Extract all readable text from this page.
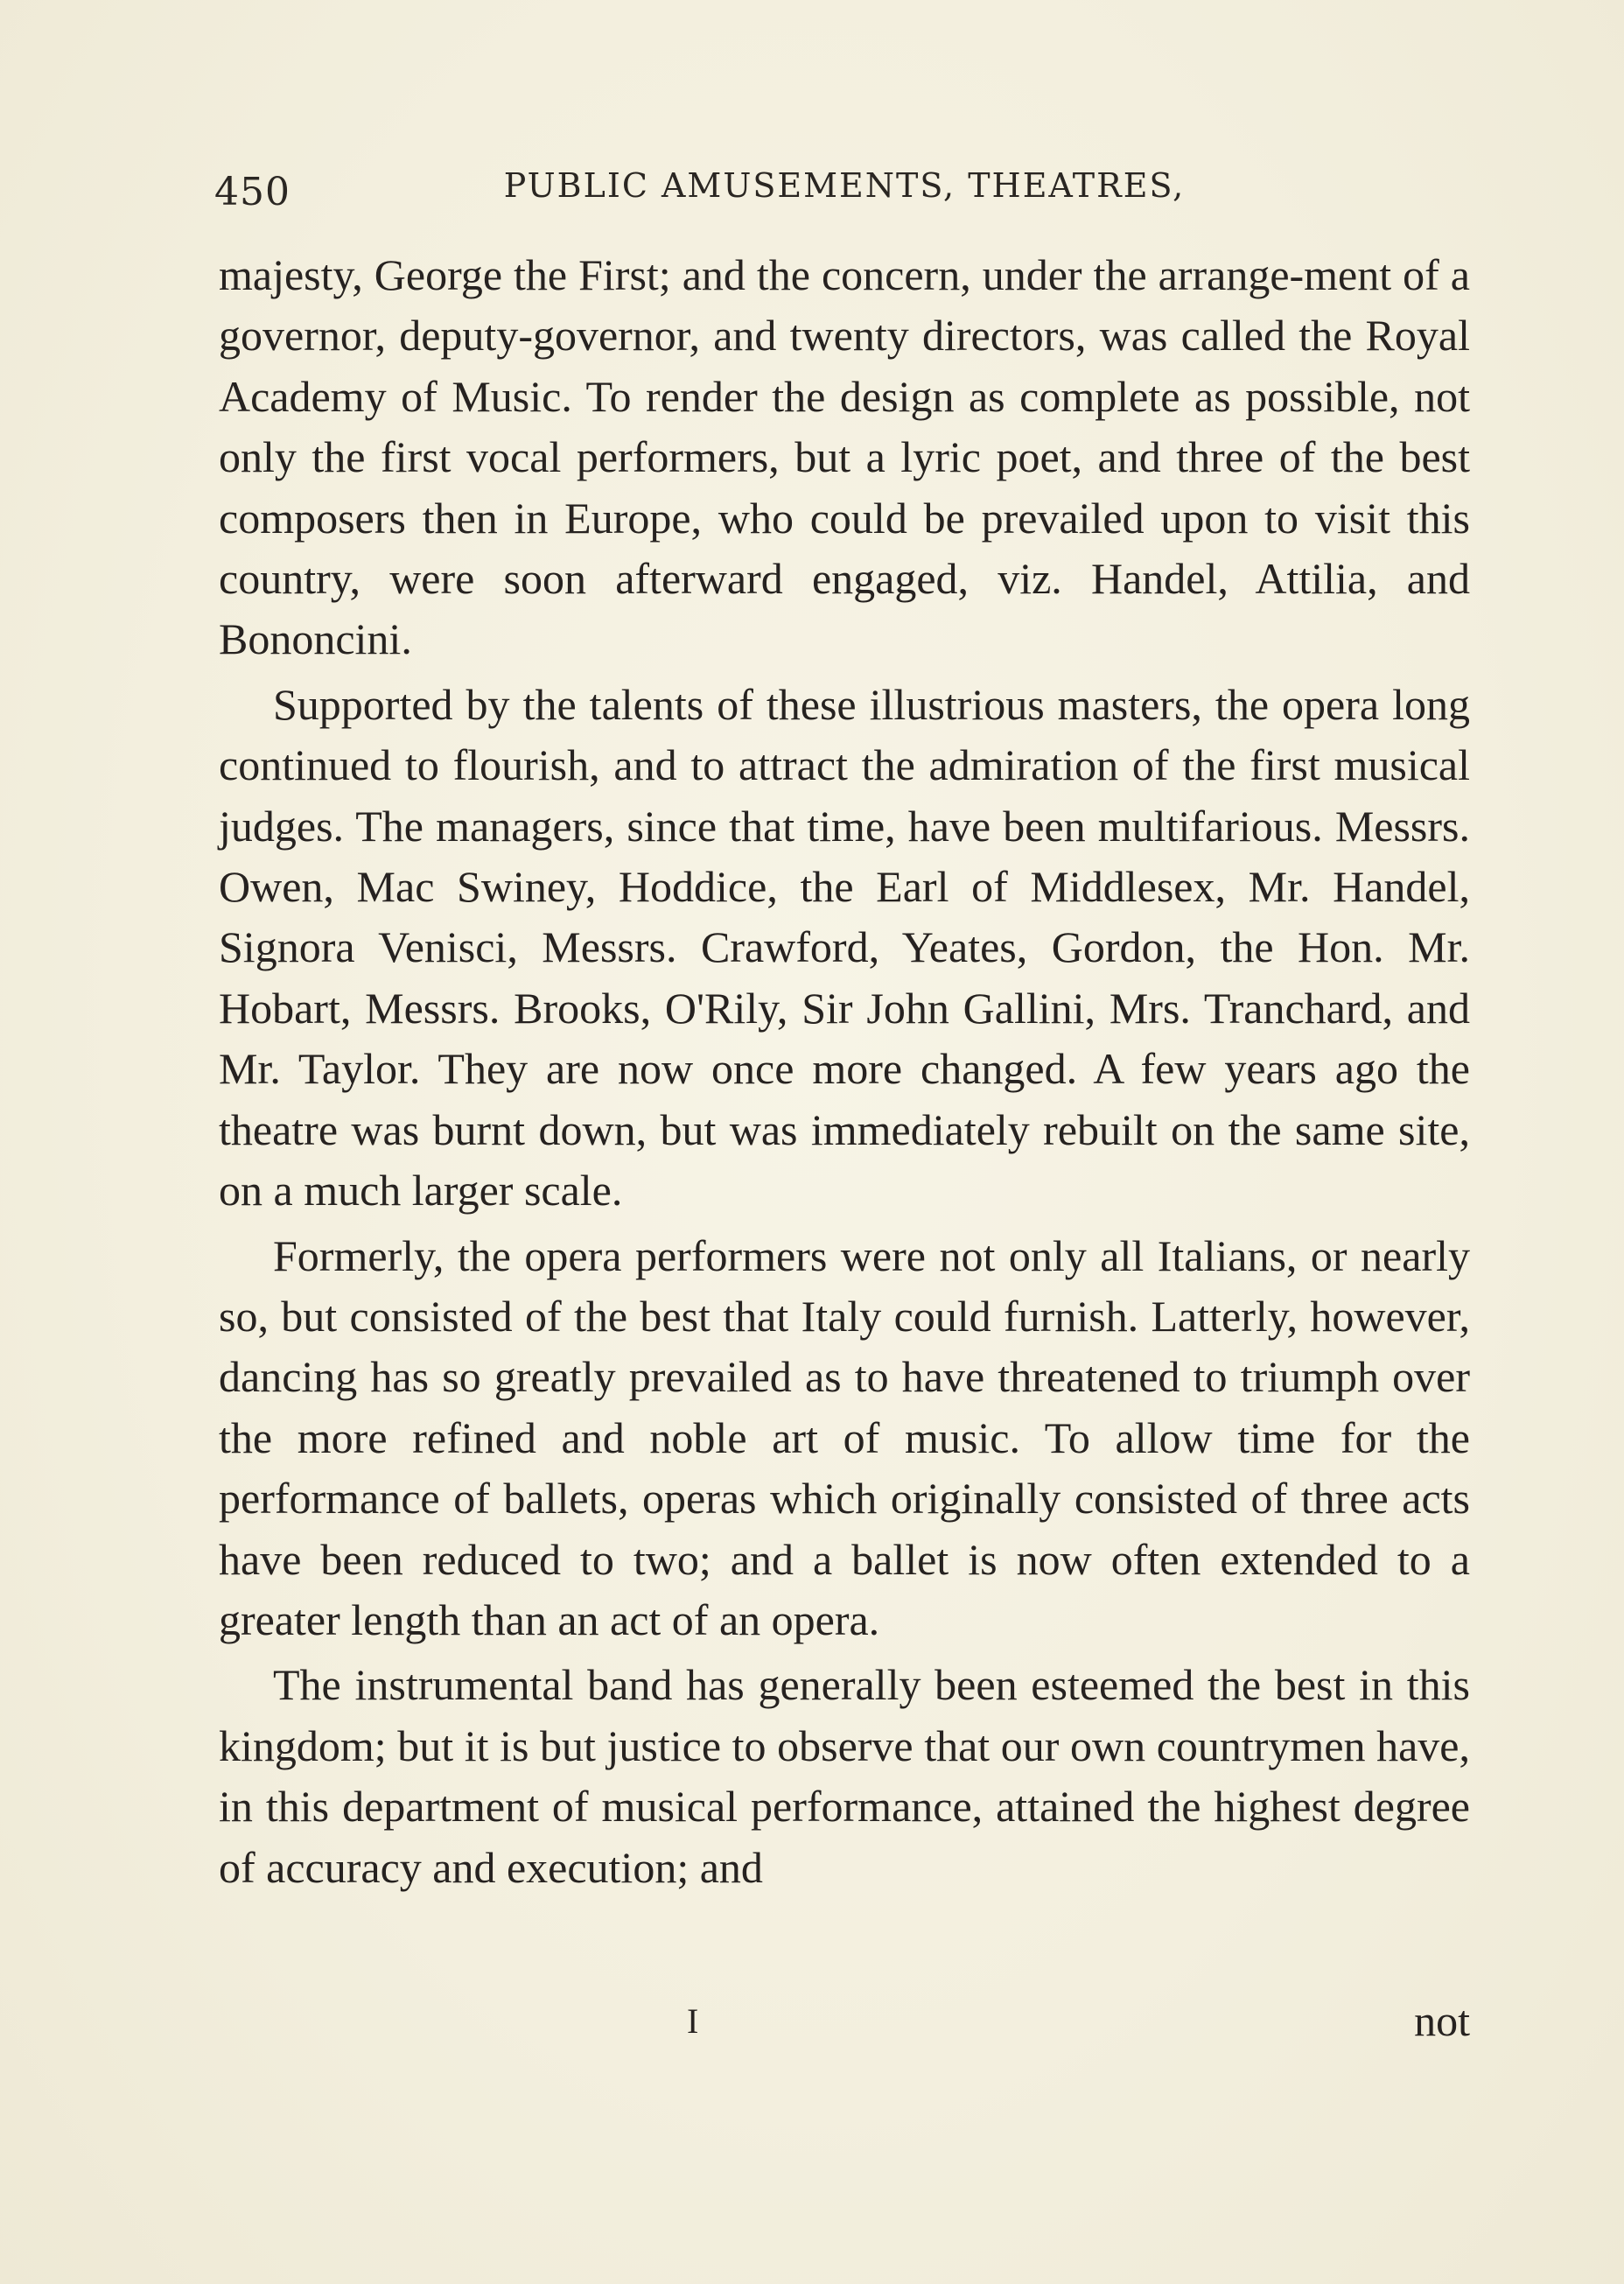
450	PUBLIC AMUSEMENTS, THEATRES,

majesty, George the First; and the concern, under the arrange-ment of a governor, deputy-governor, and twenty directors, was called the Royal Academy of Music. To render the design as complete as possible, not only the first vocal performers, but a lyric poet, and three of the best composers then in Europe, who could be prevailed upon to visit this country, were soon afterward engaged, viz. Handel, Attilia, and Bononcini.

Supported by the talents of these illustrious masters, the opera long continued to flourish, and to attract the admiration of the first musical judges. The managers, since that time, have been multifarious. Messrs. Owen, Mac Swiney, Hoddice, the Earl of Middlesex, Mr. Handel, Signora Venisci, Messrs. Crawford, Yeates, Gordon, the Hon. Mr. Hobart, Messrs. Brooks, O'Rily, Sir John Gallini, Mrs. Tranchard, and Mr. Taylor. They are now once more changed. A few years ago the theatre was burnt down, but was immediately rebuilt on the same site, on a much larger scale.

Formerly, the opera performers were not only all Italians, or nearly so, but consisted of the best that Italy could furnish. Latterly, however, dancing has so greatly prevailed as to have threatened to triumph over the more refined and noble art of music. To allow time for the performance of ballets, operas which originally consisted of three acts have been reduced to two; and a ballet is now often extended to a greater length than an act of an opera.

The instrumental band has generally been esteemed the best in this kingdom; but it is but justice to observe that our own countrymen have, in this department of musical performance, attained the highest degree of accuracy and execution; and

I	not
